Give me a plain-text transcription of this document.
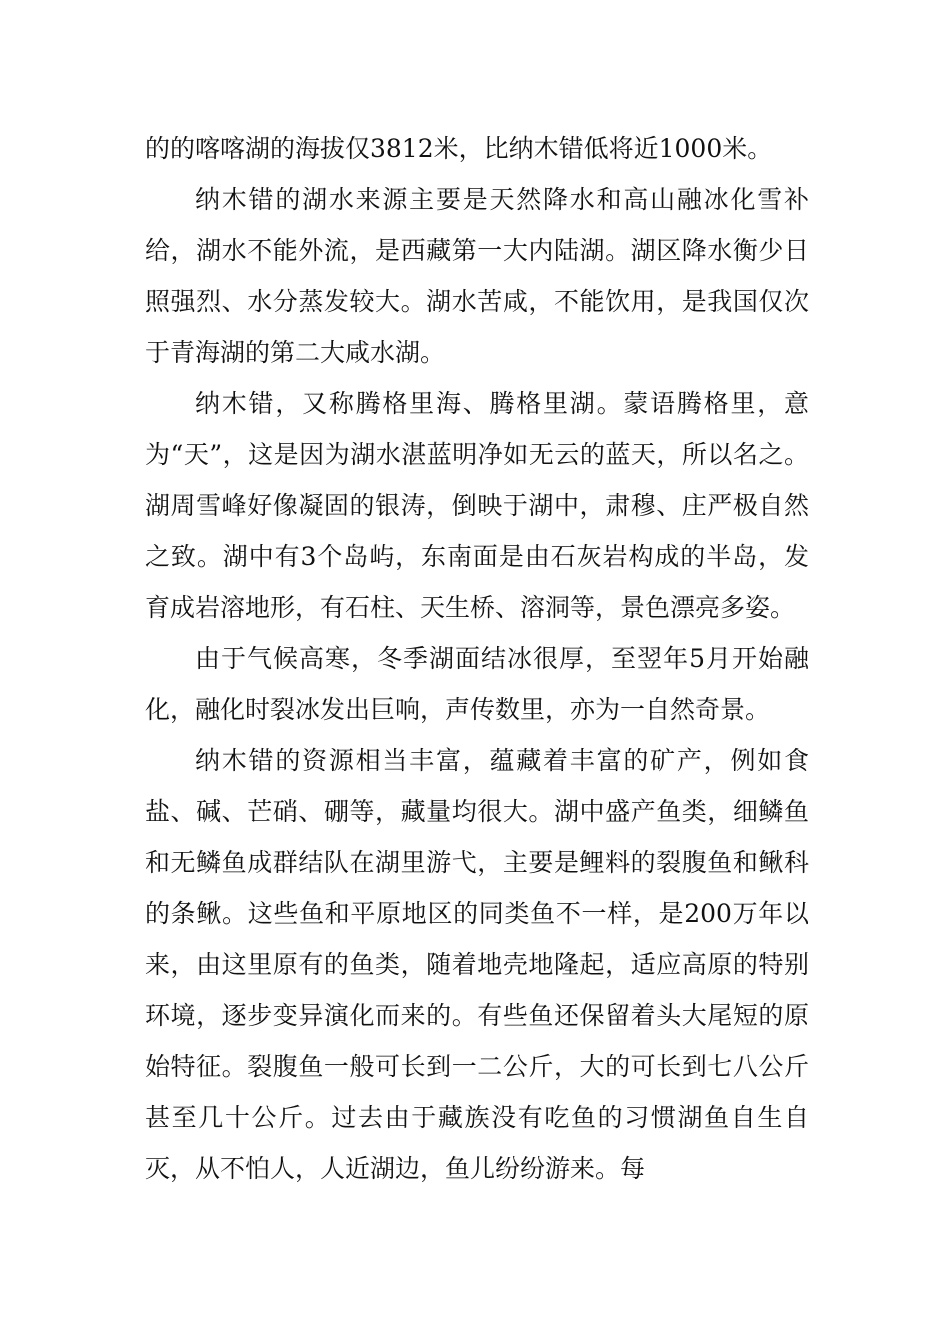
的的喀喀湖的海拔仅3812米，比纳木错低将近1000米。

纳木错的湖水来源主要是天然降水和高山融冰化雪补给，湖水不能外流，是西藏第一大内陆湖。湖区降水衡少日照强烈、水分蒸发较大。湖水苦咸，不能饮用，是我国仅次于青海湖的第二大咸水湖。

纳木错，又称腾格里海、腾格里湖。蒙语腾格里，意为“天”，这是因为湖水湛蓝明净如无云的蓝天，所以名之。湖周雪峰好像凝固的银涛，倒映于湖中，肃穆、庄严极自然之致。湖中有3个岛屿，东南面是由石灰岩构成的半岛，发育成岩溶地形，有石柱、天生桥、溶洞等，景色漂亮多姿。

由于气候高寒，冬季湖面结冰很厚，至翌年5月开始融化，融化时裂冰发出巨响，声传数里，亦为一自然奇景。

纳木错的资源相当丰富，蕴藏着丰富的矿产，例如食盐、碱、芒硝、硼等，藏量均很大。湖中盛产鱼类，细鳞鱼和无鳞鱼成群结队在湖里游弋，主要是鲤料的裂腹鱼和鳅科的条鳅。这些鱼和平原地区的同类鱼不一样，是200万年以来，由这里原有的鱼类，随着地壳地隆起，适应高原的特别环境，逐步变异演化而来的。有些鱼还保留着头大尾短的原始特征。裂腹鱼一般可长到一二公斤，大的可长到七八公斤甚至几十公斤。过去由于藏族没有吃鱼的习惯湖鱼自生自灭，从不怕人，人近湖边，鱼儿纷纷游来。每
